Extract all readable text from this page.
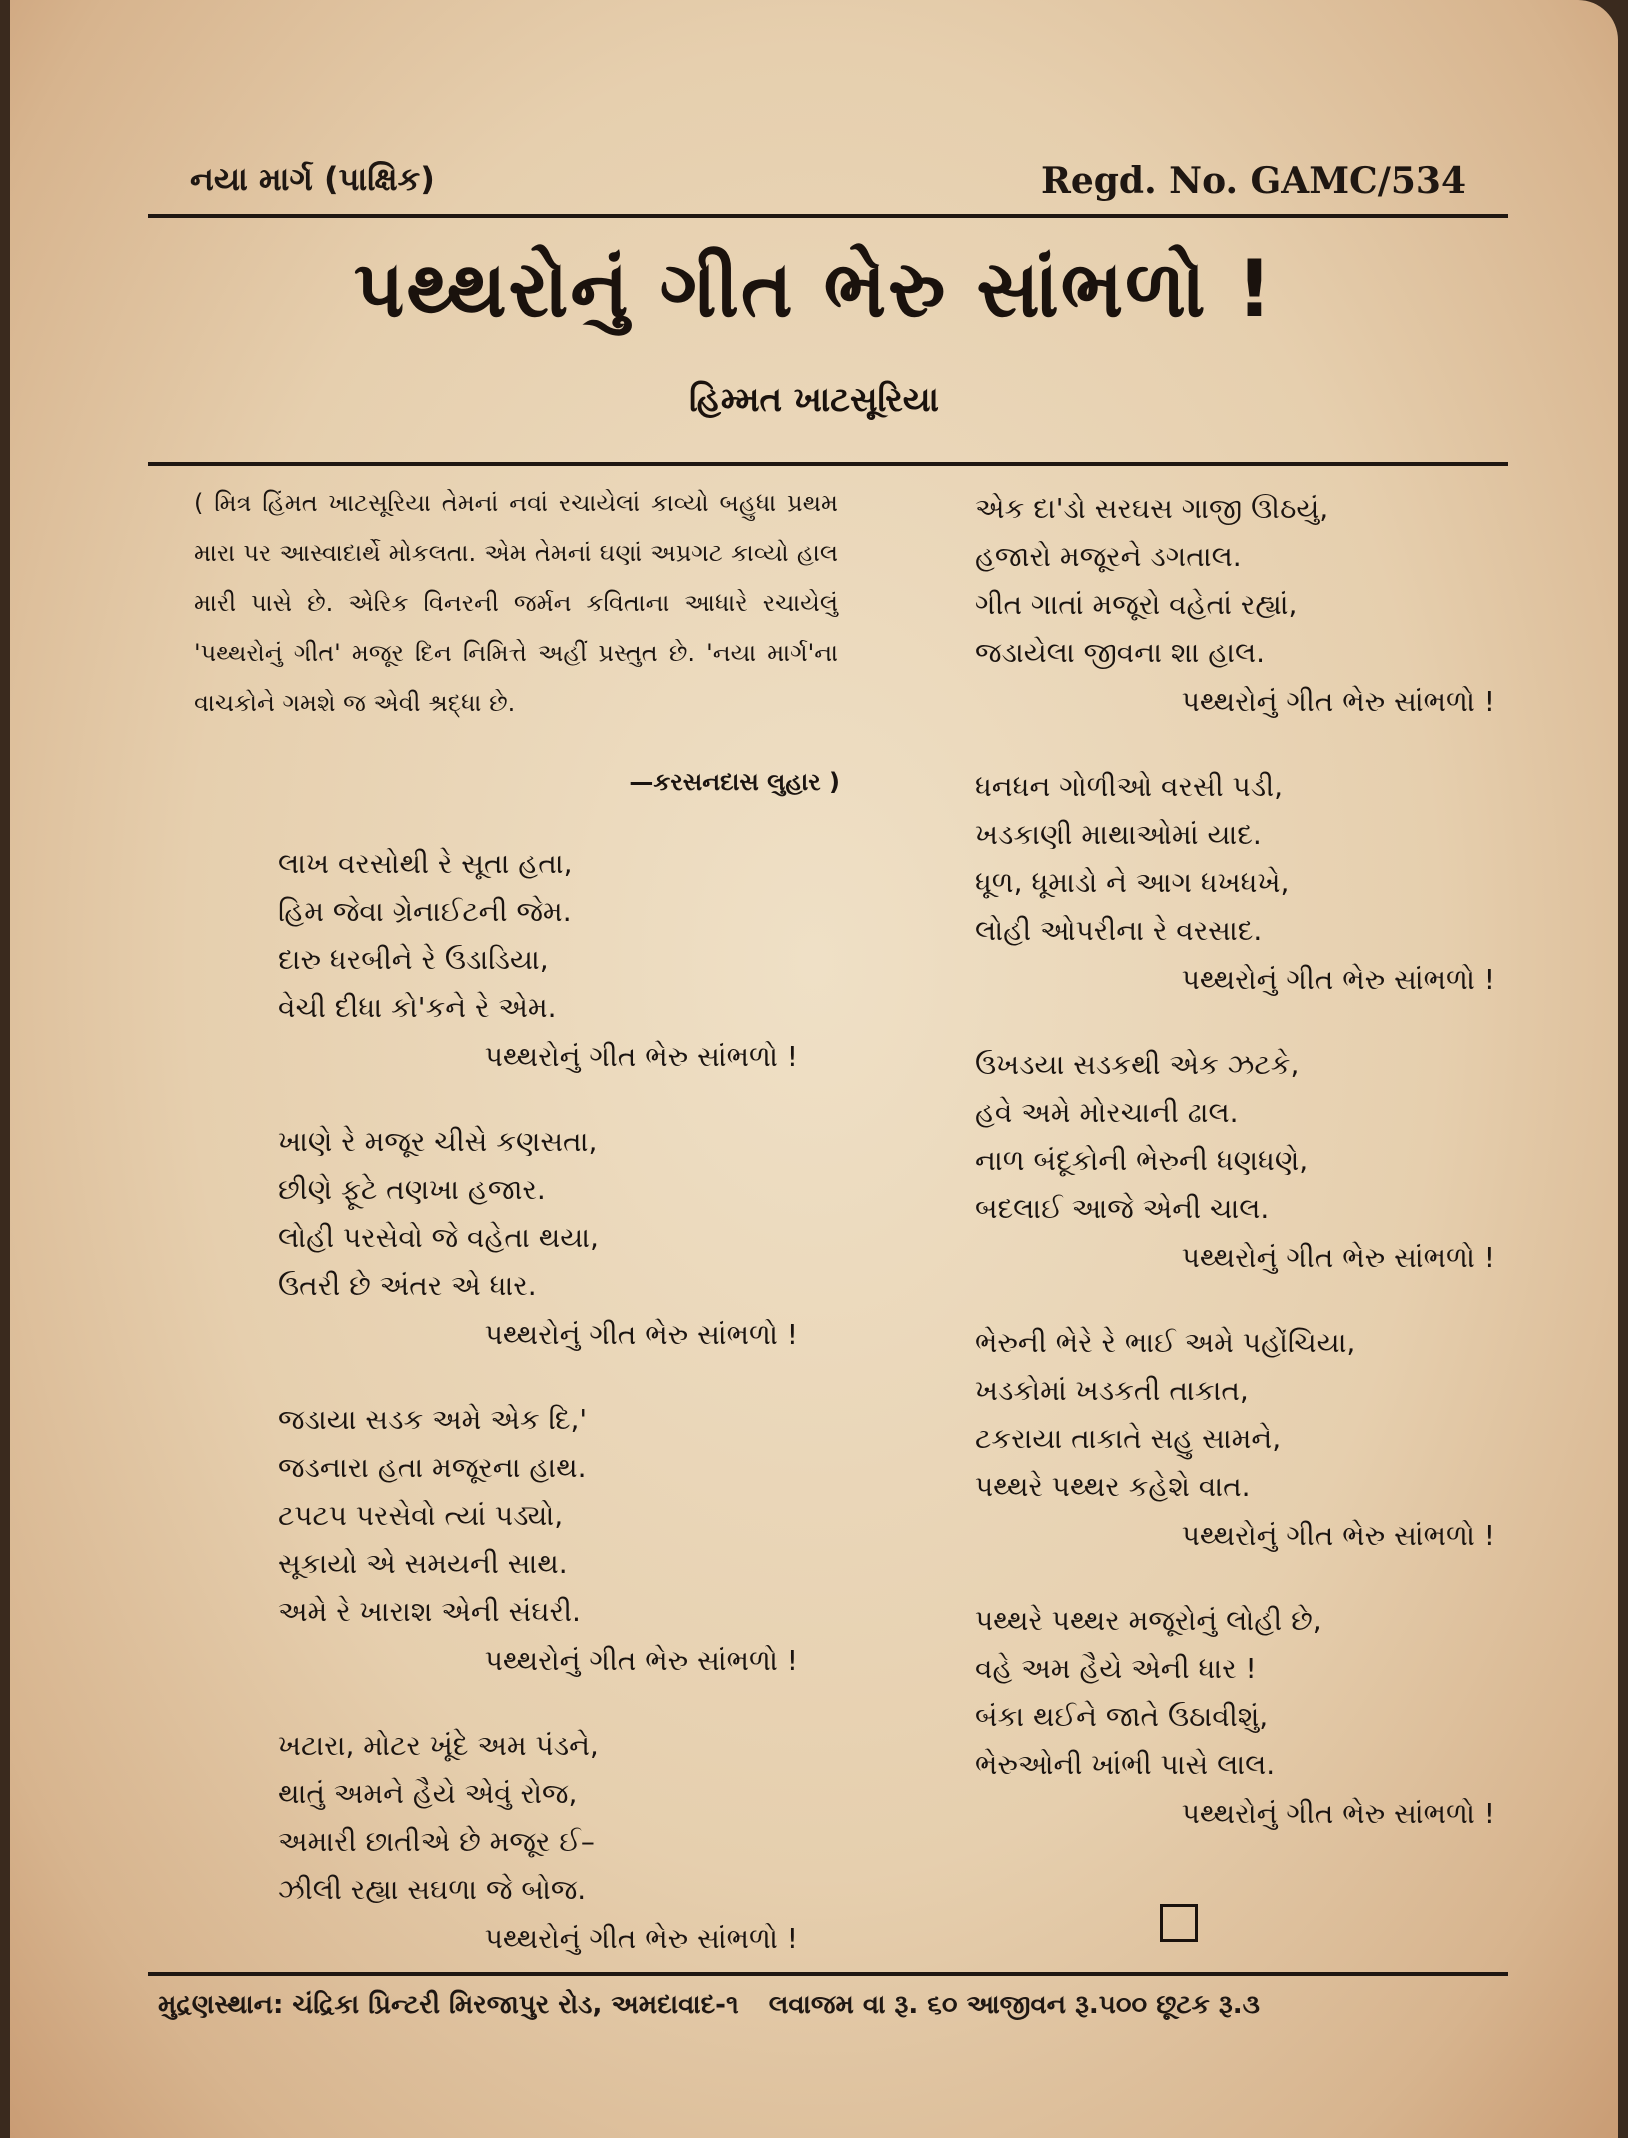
નયા માર્ગ (પાક્ષિક)	Regd. No. GAMC/534
પથ્થરોનું ગીત ભેરુ સાંભળો !
હિમ્મત ખાટસૂરિયા
( મિત્ર હિંમત ખાટસૂરિયા તેમનાં નવાં રચાયેલાં કાવ્યો બહુધા પ્રથમ મારા પર આસ્વાદાર્થે મોકલતા. એમ તેમનાં ઘણાં અપ્રગટ કાવ્યો હાલ મારી પાસે છે. એરિક વિનરની જર્મન કવિતાના આધારે રચાયેલું 'પથ્થરોનું ગીત' મજૂર દિન નિમિત્તે અહીં પ્રસ્તુત છે. 'નયા માર્ગ'ના વાચકોને ગમશે જ એવી શ્રદ્ધા છે.
—કરસનદાસ લુહાર )
લાખ વરસોથી રે સૂતા હતા,
હિમ જેવા ગ્રેનાઈટની જેમ.
દારુ ધરબીને રે ઉડાડિયા,
વેચી દીધા કો'કને રે એમ.
પથ્થરોનું ગીત ભેરુ સાંભળો !
ખાણે રે મજૂર ચીસે કણસતા,
છીણે ફૂટે તણખા હજાર.
લોહી પરસેવો જે વહેતા થયા,
ઉતરી છે અંતર એ ધાર.
પથ્થરોનું ગીત ભેરુ સાંભળો !
જડાયા સડક અમે એક દિ,'
જડનારા હતા મજૂરના હાથ.
ટપટપ પરસેવો ત્યાં પડ્યો,
સૂકાયો એ સમયની સાથ.
અમે રે ખારાશ એની સંઘરી.
પથ્થરોનું ગીત ભેરુ સાંભળો !
ખટારા, મોટર ખૂંદે અમ પંડને,
થાતું અમને હૈયે એવું રોજ,
અમારી છાતીએ છે મજૂર ઈ–
ઝીલી રહ્યા સઘળા જે બોજ.
પથ્થરોનું ગીત ભેરુ સાંભળો !
એક દા'ડો સરઘસ ગાજી ઊઠયું,
હજારો મજૂરને ડગતાલ.
ગીત ગાતાં મજૂરો વહેતાં રહ્યાં,
જડાયેલા જીવના શા હાલ.
પથ્થરોનું ગીત ભેરુ સાંભળો !
ધનધન ગોળીઓ વરસી પડી,
ખડકાણી માથાઓમાં યાદ.
ધૂળ, ધૂમાડો ને આગ ધખધખે,
લોહી ઓપરીના રે વરસાદ.
પથ્થરોનું ગીત ભેરુ સાંભળો !
ઉખડયા સડકથી એક ઝટકે,
હવે અમે મોરચાની ઢાલ.
નાળ બંદૂકોની ભેરુની ધણધણે,
બદલાઈ આજે એની ચાલ.
પથ્થરોનું ગીત ભેરુ સાંભળો !
ભેરુની ભેરે રે ભાઈ અમે પહોંચિયા,
ખડકોમાં ખડકતી તાકાત,
ટકરાયા તાકાતે સહુ સામને,
પથ્થરે પથ્થર કહેશે વાત.
પથ્થરોનું ગીત ભેરુ સાંભળો !
પથ્થરે પથ્થર મજૂરોનું લોહી છે,
વહે અમ હૈયે એની ધાર !
બંકા થઈને જાતે ઉઠાવીશું,
ભેરુઓની ખાંભી પાસે લાલ.
પથ્થરોનું ગીત ભેરુ સાંભળો !
મુદ્રણસ્થાન: ચંદ્રિકા પ્રિન્ટરી મિરજાપુર રોડ, અમદાવાદ-૧ લવાજમ વા રૂ. ૬૦ આજીવન રૂ.૫૦૦ છૂટક રૂ.૩
